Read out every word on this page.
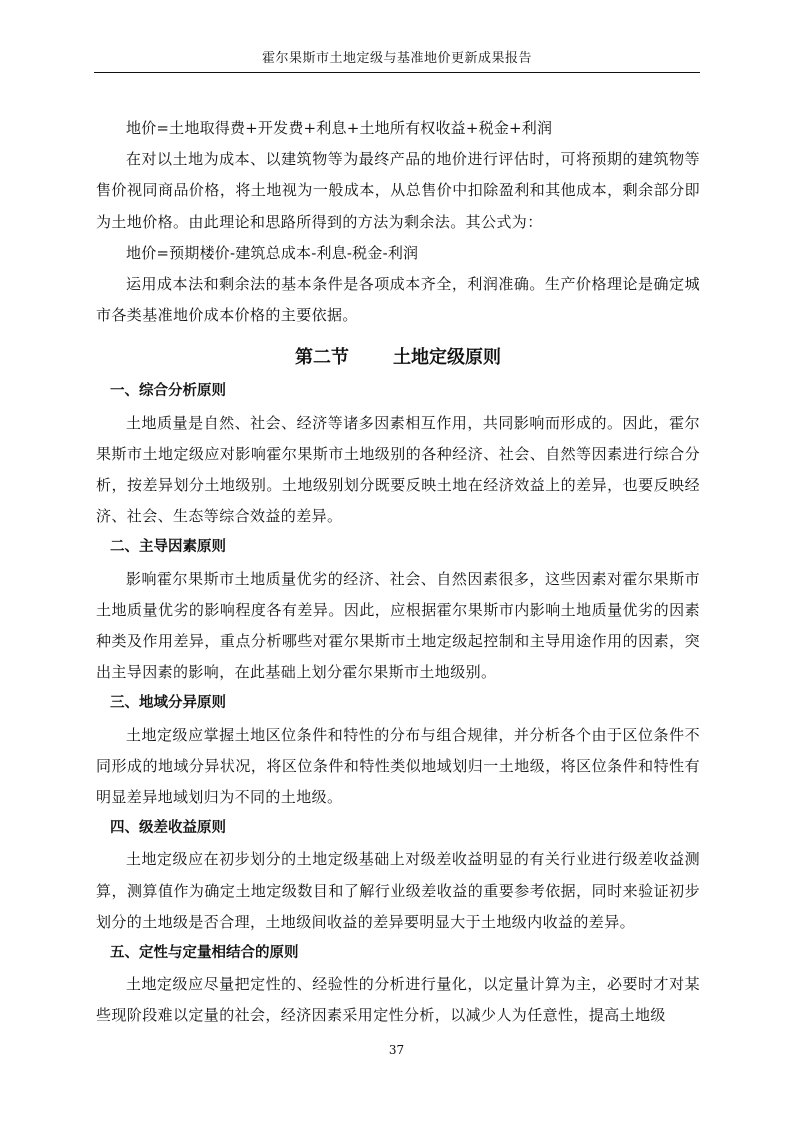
霍尔果斯市土地定级与基准地价更新成果报告

地价=土地取得费+开发费+利息+土地所有权收益+税金+利润

在对以土地为成本、以建筑物等为最终产品的地价进行评估时，可将预期的建筑物等售价视同商品价格，将土地视为一般成本，从总售价中扣除盈利和其他成本，剩余部分即为土地价格。由此理论和思路所得到的方法为剩余法。其公式为：

地价=预期楼价-建筑总成本-利息-税金-利润

运用成本法和剩余法的基本条件是各项成本齐全，利润准确。生产价格理论是确定城市各类基准地价成本价格的主要依据。

第二节 土地定级原则

一、综合分析原则

土地质量是自然、社会、经济等诸多因素相互作用，共同影响而形成的。因此，霍尔果斯市土地定级应对影响霍尔果斯市土地级别的各种经济、社会、自然等因素进行综合分析，按差异划分土地级别。土地级别划分既要反映土地在经济效益上的差异，也要反映经济、社会、生态等综合效益的差异。

二、主导因素原则

影响霍尔果斯市土地质量优劣的经济、社会、自然因素很多，这些因素对霍尔果斯市土地质量优劣的影响程度各有差异。因此，应根据霍尔果斯市内影响土地质量优劣的因素种类及作用差异，重点分析哪些对霍尔果斯市土地定级起控制和主导用途作用的因素，突出主导因素的影响，在此基础上划分霍尔果斯市土地级别。

三、地域分异原则

土地定级应掌握土地区位条件和特性的分布与组合规律，并分析各个由于区位条件不同形成的地域分异状况，将区位条件和特性类似地域划归一土地级，将区位条件和特性有明显差异地域划归为不同的土地级。

四、级差收益原则

土地定级应在初步划分的土地定级基础上对级差收益明显的有关行业进行级差收益测算，测算值作为确定土地定级数目和了解行业级差收益的重要参考依据，同时来验证初步划分的土地级是否合理，土地级间收益的差异要明显大于土地级内收益的差异。

五、定性与定量相结合的原则

土地定级应尽量把定性的、经验性的分析进行量化，以定量计算为主，必要时才对某些现阶段难以定量的社会，经济因素采用定性分析，以减少人为任意性，提高土地级

37
